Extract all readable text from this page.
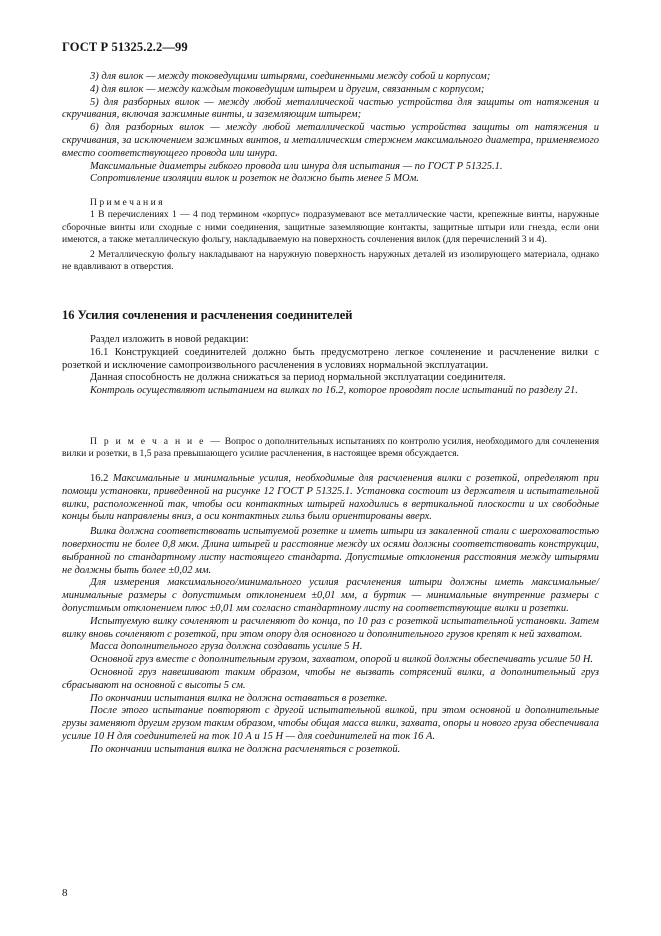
ГОСТ Р 51325.2.2—99

3) для вилок — между токоведущими штырями, соединенными между собой и корпусом;

4) для вилок — между каждым токоведущим штырем и другим, связанным с корпусом;

5) для разборных вилок — между любой металлической частью устройства для защиты от натяжения и скручивания, включая зажимные винты, и заземляющим штырем;

6) для разборных вилок — между любой металлической частью устройства защиты от натяжения и скручивания, за исключением зажимных винтов, и металлическим стержнем максимального диаметра, применяемого вместо соответствующего провода или шнура.

Максимальные диаметры гибкого провода или шнура для испытания — по ГОСТ Р 51325.1.

Сопротивление изоляции вилок и розеток не должно быть менее 5 МОм.

П р и м е ч а н и я

1 В перечислениях 1 — 4 под термином «корпус» подразумевают все металлические части, крепежные винты, наружные сборочные винты или сходные с ними соединения, защитные заземляющие контакты, защитные штыри или гнезда, если они имеются, а также металлическую фольгу, накладываемую на поверхность сочленения вилок (для перечислений 3 и 4).

2 Металлическую фольгу накладывают на наружную поверхность наружных деталей из изолирующего материала, однако не вдавливают в отверстия.

16 Усилия сочленения и расчленения соединителей

Раздел изложить в новой редакции:

16.1 Конструкцией соединителей должно быть предусмотрено легкое сочленение и расчленение вилки с розеткой и исключение самопроизвольного расчленения в условиях нормальной эксплуатации.

Данная способность не должна снижаться за период нормальной эксплуатации соединителя.

Контроль осуществляют испытанием на вилках по 16.2, которое проводят после испытаний по разделу 21.

П р и м е ч а н и е — Вопрос о дополнительных испытаниях по контролю усилия, необходимого для сочленения вилки и розетки, в 1,5 раза превышающего усилие расчленения, в настоящее время обсуждается.

16.2 Максимальные и минимальные усилия, необходимые для расчленения вилки с розеткой, определяют при помощи установки, приведенной на рисунке 12 ГОСТ Р 51325.1. Установка состоит из держателя и испытательной вилки, расположенной так, чтобы оси контактных штырей находились в вертикальной плоскости и их свободные концы были направлены вниз, а оси контактных гильз были ориентированы вверх.

Вилка должна соответствовать испытуемой розетке и иметь штыри из закаленной стали с шероховатостью поверхности не более 0,8 мкм. Длина штырей и расстояние между их осями должны соответствовать конструкции, выбранной по стандартному листу настоящего стандарта. Допустимые отклонения расстояния между штырями не должны быть более ±0,02 мм.

Для измерения максимального/минимального усилия расчленения штыри должны иметь максимальные/минимальные размеры с допустимым отклонением ±0,01 мм, а буртик — минимальные внутренние размеры с допустимым отклонением плюс ±0,01 мм согласно стандартному листу на соответствующие вилки и розетки.

Испытуемую вилку сочленяют и расчленяют до конца, по 10 раз с розеткой испытательной установки. Затем вилку вновь сочленяют с розеткой, при этом опору для основного и дополнительного грузов крепят к ней захватом.

Масса дополнительного груза должна создавать усилие 5 Н.

Основной груз вместе с дополнительным грузом, захватом, опорой и вилкой должны обеспечивать усилие 50 Н.

Основной груз навешивают таким образом, чтобы не вызвать сотрясений вилки, а дополнительный груз сбрасывают на основной с высоты 5 см.

По окончании испытания вилка не должна оставаться в розетке.

После этого испытание повторяют с другой испытательной вилкой, при этом основной и дополнительные грузы заменяют другим грузом таким образом, чтобы общая масса вилки, захвата, опоры и нового груза обеспечивала усилие 10 Н для соединителей на ток 10 А и 15 Н — для соединителей на ток 16 А.

По окончании испытания вилка не должна расчленяться с розеткой.

8
